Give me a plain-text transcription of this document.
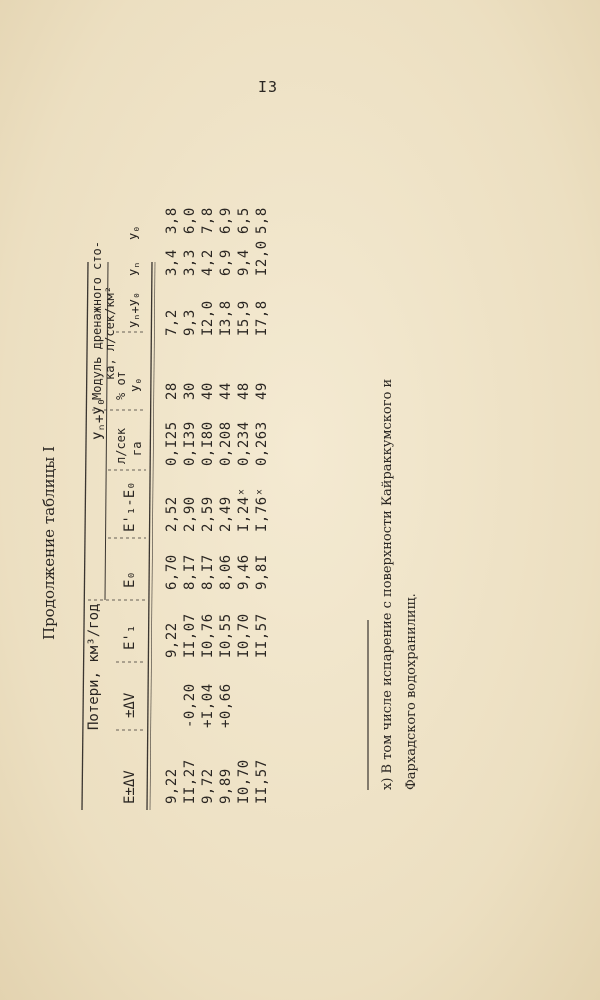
I3
Продолжение таблицы I
Потери, км³/год
E±ΔV
±ΔV
E'₁
E₀
E'₁-E₀
Уₙ+У₀
л/сек га
% от У₀
Модуль дренажного сто- ка, л/сек/км² Уₙ+У₀
Уₙ
У₀
9,22
9,22
6,70
2,52
0,I25
28
7,2
3,4
3,8
II,27
-0,20
II,07
8,I7
2,90
0,I39
30
9,3
3,3
6,0
9,72
+I,04
I0,76
8,I7
2,59
0,I80
40
I2,0
4,2
7,8
9,89
+0,66
I0,55
8,06
2,49
0,208
44
I3,8
6,9
6,9
I0,70
I0,70
9,46
I,24ˣ
0,234
48
I5,9
9,4
6,5
II,57
II,57
9,8I
I,76ˣ
0,263
49
I7,8
I2,0
5,8
х) В том числе испарение с поверхности Кайраккумского и Фархадского водохранилищ.
